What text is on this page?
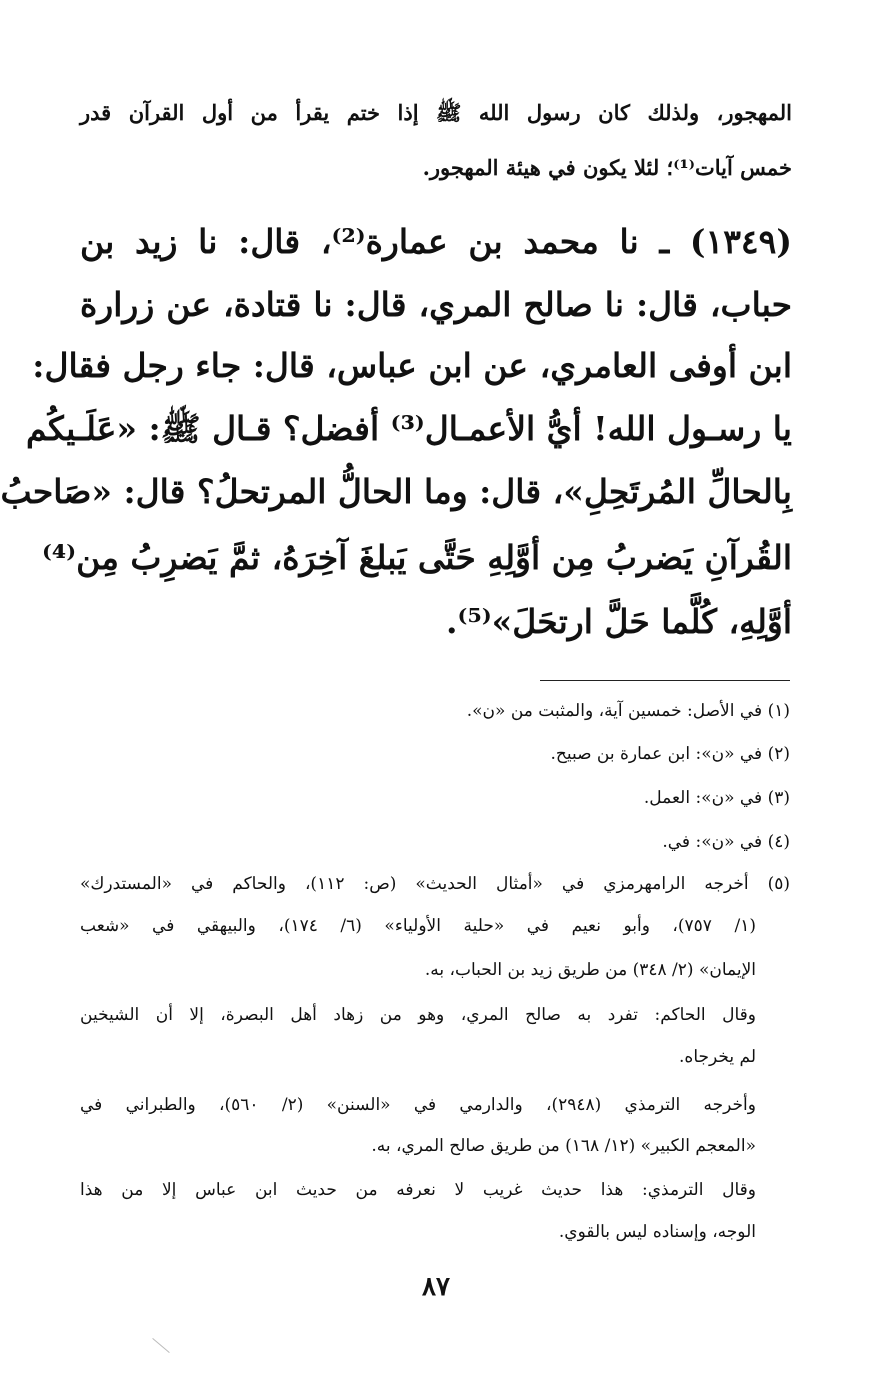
المهجور، ولذلك كان رسول الله ﷺ إذا ختم يقرأ من أول القرآن قدر
خمس آيات⁽¹⁾؛ لئلا يكون في هيئة المهجور.
(١٣٤٩) ـ نا محمد بن عمارة⁽²⁾، قال: نا زيد بن
حباب، قال: نا صالح المري، قال: نا قتادة، عن زرارة
ابن أوفى العامري، عن ابن عباس، قال: جاء رجل فقال:
يا رسـول الله! أيُّ الأعمـال⁽³⁾ أفضل؟ قـال ﷺ: «عَلَـيكُم
بِالحالِّ المُرتَحِلِ»، قال: وما الحالُّ المرتحلُ؟ قال: «صَاحبُ
القُرآنِ يَضربُ مِن أوَّلِهِ حَتَّى يَبلغَ آخِرَهُ، ثمَّ يَضرِبُ مِن⁽⁴⁾
أوَّلِهِ، كُلَّما حَلَّ ارتحَلَ»⁽⁵⁾.
(١) في الأصل: خمسين آية، والمثبت من «ن».
(٢) في «ن»: ابن عمارة بن صبيح.
(٣) في «ن»: العمل.
(٤) في «ن»: في.
(٥) أخرجه الرامهرمزي في «أمثال الحديث» (ص: ١١٢)، والحاكم في «المستدرك»
(١/ ٧٥٧)، وأبو نعيم في «حلية الأولياء» (٦/ ١٧٤)، والبيهقي في «شعب
الإيمان» (٢/ ٣٤٨) من طريق زيد بن الحباب، به.
وقال الحاكم: تفرد به صالح المري، وهو من زهاد أهل البصرة، إلا أن الشيخين
لم يخرجاه.
وأخرجه الترمذي (٢٩٤٨)، والدارمي في «السنن» (٢/ ٥٦٠)، والطبراني في
«المعجم الكبير» (١٢/ ١٦٨) من طريق صالح المري، به.
وقال الترمذي: هذا حديث غريب لا نعرفه من حديث ابن عباس إلا من هذا
الوجه، وإسناده ليس بالقوي.
٨٧
